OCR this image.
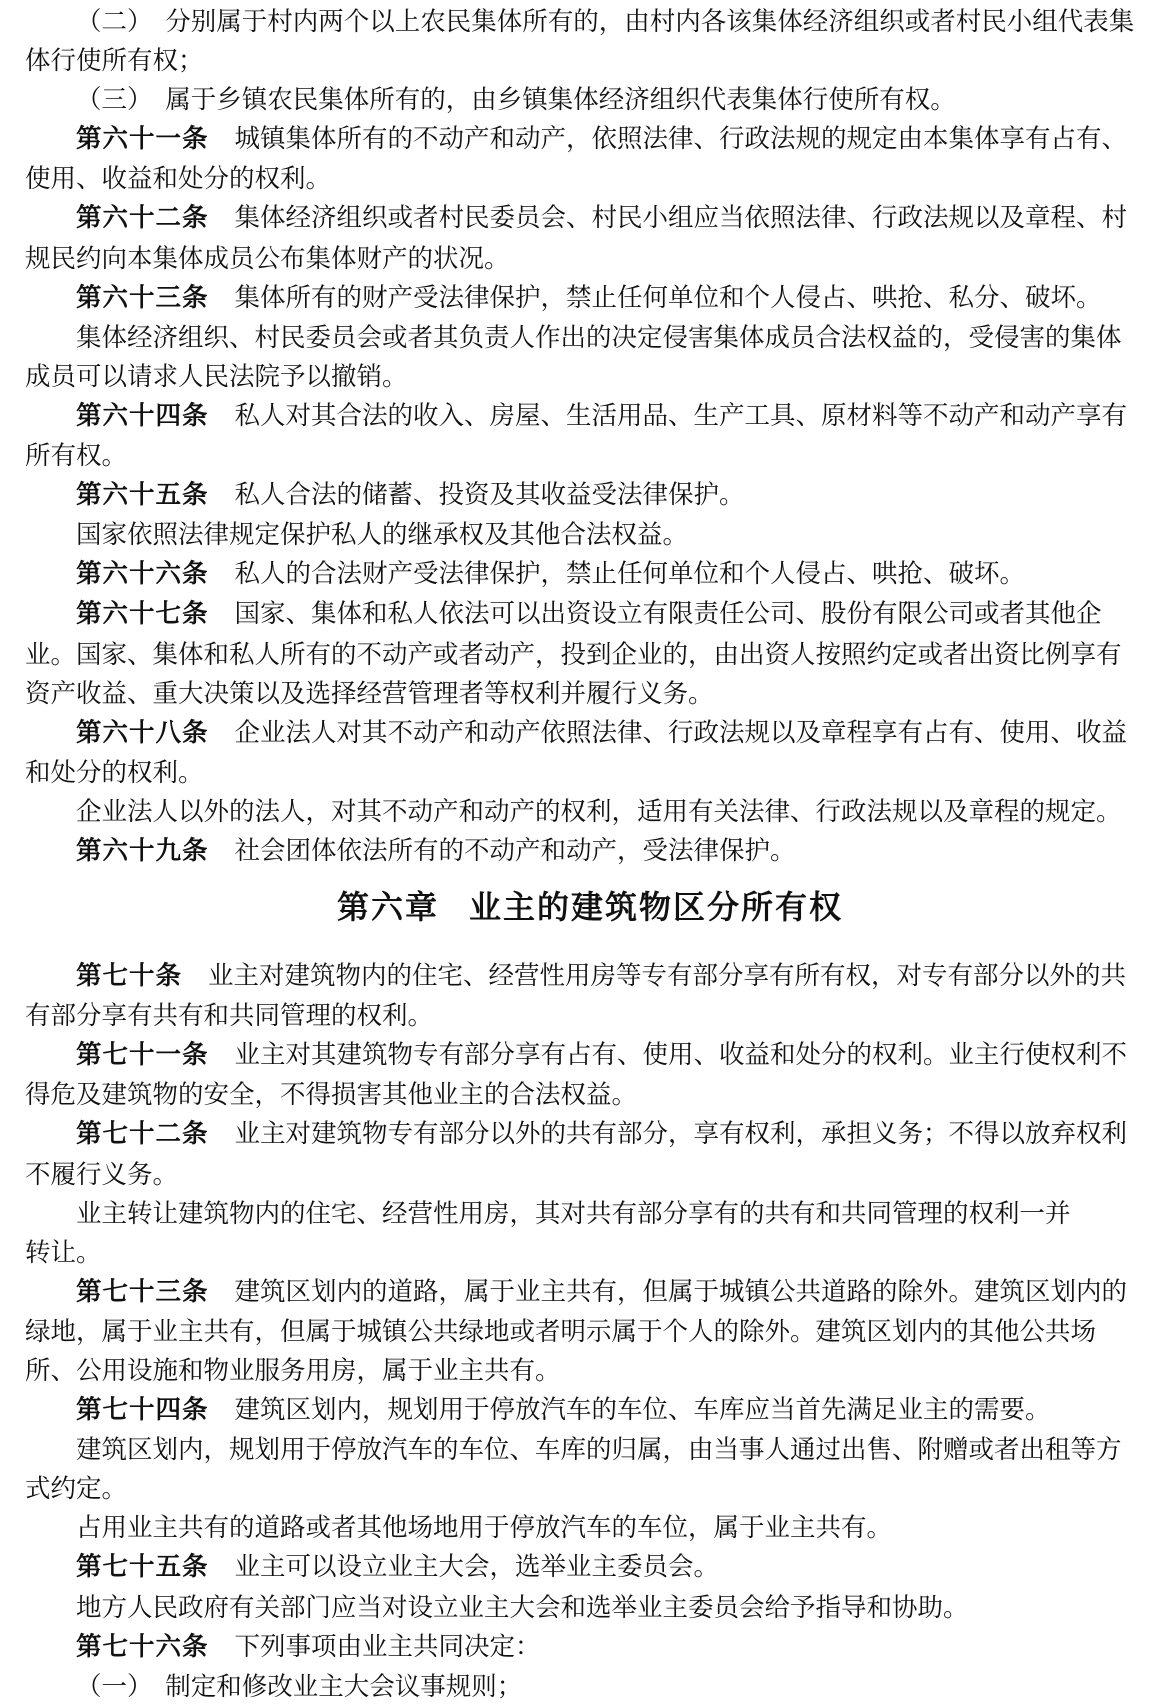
（二）　分别属于村内两个以上农民集体所有的，由村内各该集体经济组织或者村民小组代表集
体行使所有权；
（三）　属于乡镇农民集体所有的，由乡镇集体经济组织代表集体行使所有权。
第六十一条 城镇集体所有的不动产和动产，依照法律、行政法规的规定由本集体享有占有、
使用、收益和处分的权利。
第六十二条 集体经济组织或者村民委员会、村民小组应当依照法律、行政法规以及章程、村
规民约向本集体成员公布集体财产的状况。
第六十三条 集体所有的财产受法律保护，禁止任何单位和个人侵占、哄抢、私分、破坏。
集体经济组织、村民委员会或者其负责人作出的决定侵害集体成员合法权益的，受侵害的集体
成员可以请求人民法院予以撤销。
第六十四条 私人对其合法的收入、房屋、生活用品、生产工具、原材料等不动产和动产享有
所有权。
第六十五条 私人合法的储蓄、投资及其收益受法律保护。
国家依照法律规定保护私人的继承权及其他合法权益。
第六十六条 私人的合法财产受法律保护，禁止任何单位和个人侵占、哄抢、破坏。
第六十七条 国家、集体和私人依法可以出资设立有限责任公司、股份有限公司或者其他企
业。国家、集体和私人所有的不动产或者动产，投到企业的，由出资人按照约定或者出资比例享有
资产收益、重大决策以及选择经营管理者等权利并履行义务。
第六十八条 企业法人对其不动产和动产依照法律、行政法规以及章程享有占有、使用、收益
和处分的权利。
企业法人以外的法人，对其不动产和动产的权利，适用有关法律、行政法规以及章程的规定。
第六十九条 社会团体依法所有的不动产和动产，受法律保护。
第六章 业主的建筑物区分所有权
第七十条 业主对建筑物内的住宅、经营性用房等专有部分享有所有权，对专有部分以外的共
有部分享有共有和共同管理的权利。
第七十一条 业主对其建筑物专有部分享有占有、使用、收益和处分的权利。业主行使权利不
得危及建筑物的安全，不得损害其他业主的合法权益。
第七十二条 业主对建筑物专有部分以外的共有部分，享有权利，承担义务；不得以放弃权利
不履行义务。
业主转让建筑物内的住宅、经营性用房，其对共有部分享有的共有和共同管理的权利一并
转让。
第七十三条 建筑区划内的道路，属于业主共有，但属于城镇公共道路的除外。建筑区划内的
绿地，属于业主共有，但属于城镇公共绿地或者明示属于个人的除外。建筑区划内的其他公共场
所、公用设施和物业服务用房，属于业主共有。
第七十四条 建筑区划内，规划用于停放汽车的车位、车库应当首先满足业主的需要。
建筑区划内，规划用于停放汽车的车位、车库的归属，由当事人通过出售、附赠或者出租等方
式约定。
占用业主共有的道路或者其他场地用于停放汽车的车位，属于业主共有。
第七十五条 业主可以设立业主大会，选举业主委员会。
地方人民政府有关部门应当对设立业主大会和选举业主委员会给予指导和协助。
第七十六条 下列事项由业主共同决定：
（一）　制定和修改业主大会议事规则；
